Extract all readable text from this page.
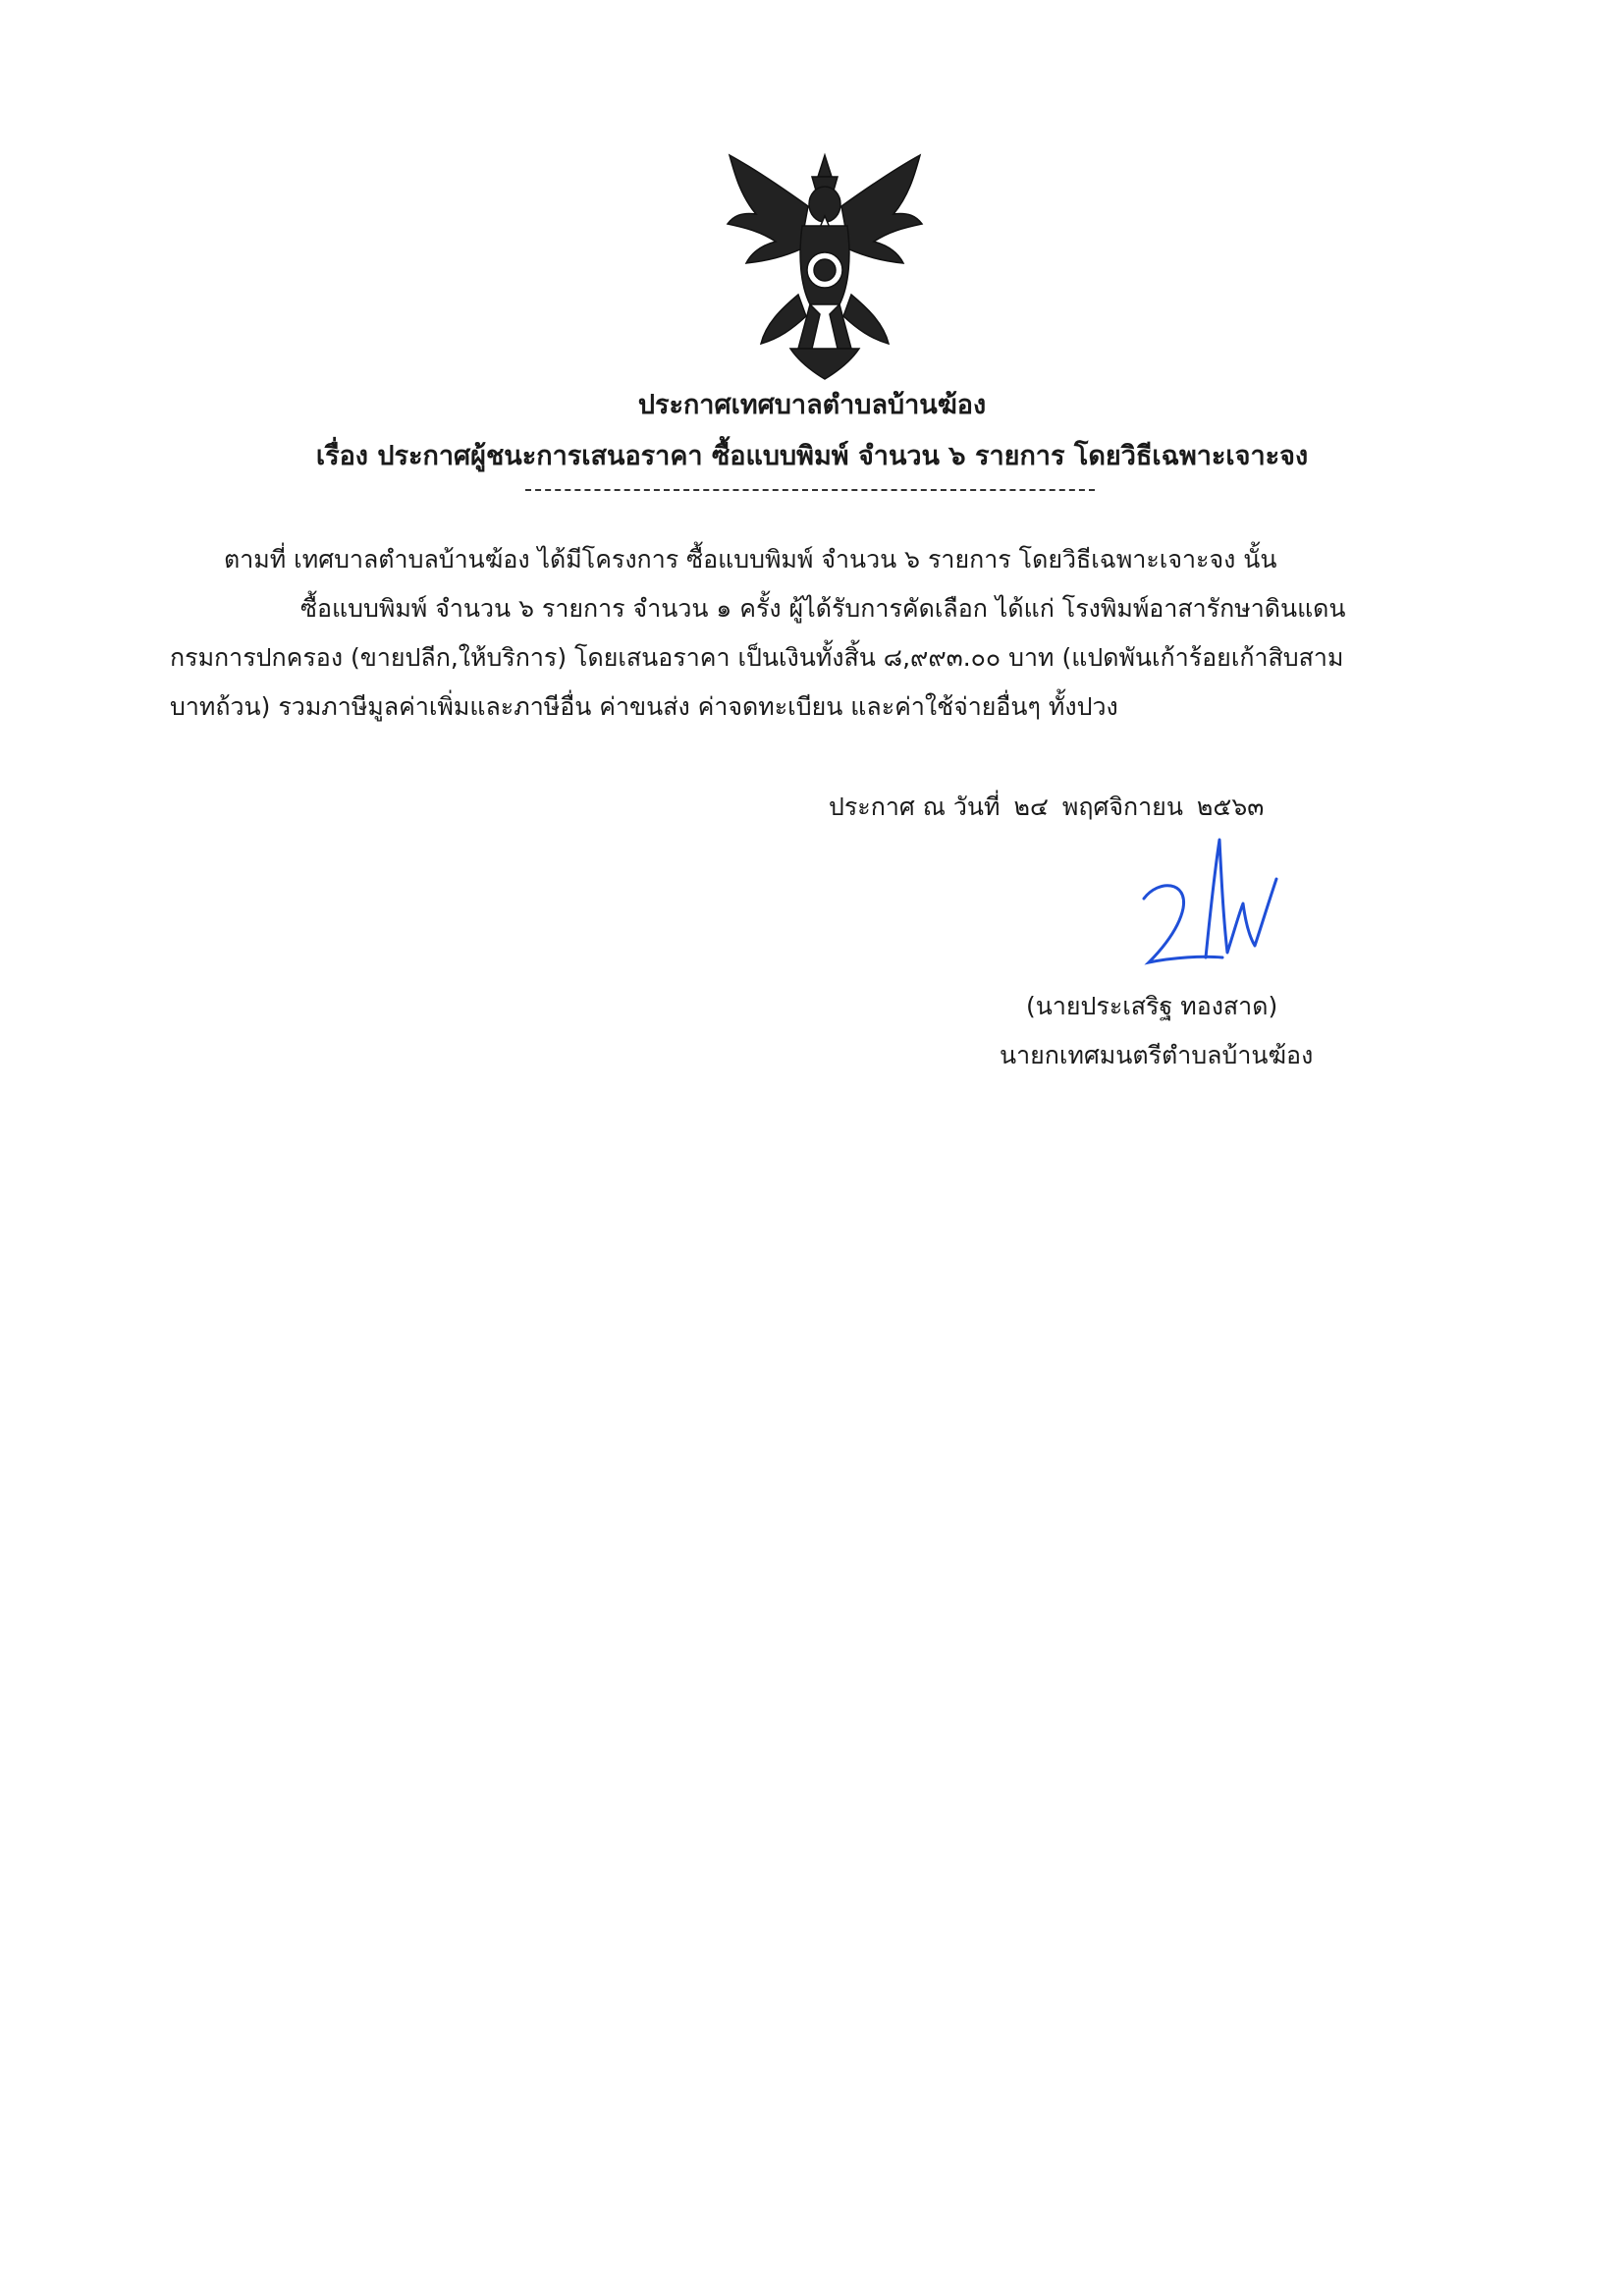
ประกาศเทศบาลตำบลบ้านฆ้อง
เรื่อง ประกาศผู้ชนะการเสนอราคา ซื้อแบบพิมพ์ จำนวน ๖ รายการ โดยวิธีเฉพาะเจาะจง
ตามที่ เทศบาลตำบลบ้านฆ้อง ได้มีโครงการ ซื้อแบบพิมพ์ จำนวน ๖ รายการ โดยวิธีเฉพาะเจาะจง นั้น
ซื้อแบบพิมพ์ จำนวน ๖ รายการ จำนวน ๑ ครั้ง ผู้ได้รับการคัดเลือก ได้แก่ โรงพิมพ์อาสารักษาดินแดน
กรมการปกครอง (ขายปลีก,ให้บริการ) โดยเสนอราคา เป็นเงินทั้งสิ้น ๘,๙๙๓.๐๐ บาท (แปดพันเก้าร้อยเก้าสิบสาม
บาทถ้วน) รวมภาษีมูลค่าเพิ่มและภาษีอื่น ค่าขนส่ง ค่าจดทะเบียน และค่าใช้จ่ายอื่นๆ ทั้งปวง
ประกาศ ณ วันที่ ๒๔ พฤศจิกายน ๒๕๖๓
(นายประเสริฐ ทองสาด)
นายกเทศมนตรีตำบลบ้านฆ้อง
